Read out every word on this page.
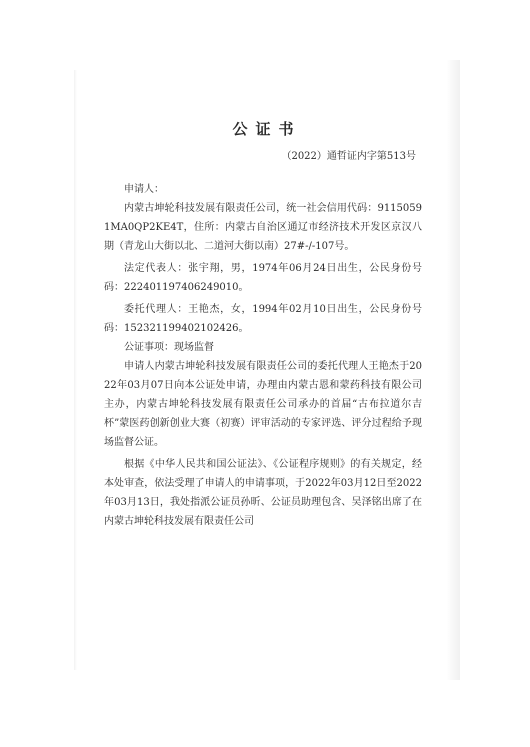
公证书
（2022）通哲证内字第513号

申请人：

内蒙古坤轮科技发展有限责任公司，统一社会信用代码：91150591MA0QP2KE4T，住所：内蒙古自治区通辽市经济技术开发区京汉八期（青龙山大街以北、二道河大街以南）27#-/-107号。

法定代表人：张宇翔，男，1974年06月24日出生，公民身份号码：222401197406249010。

委托代理人：王艳杰，女，1994年02月10日出生，公民身份号码：152321199402102426。

公证事项：现场监督

申请人内蒙古坤轮科技发展有限责任公司的委托代理人王艳杰于2022年03月07日向本公证处申请，办理由内蒙古恩和蒙药科技有限公司主办，内蒙古坤轮科技发展有限责任公司承办的首届“古布拉道尔吉杯”蒙医药创新创业大赛（初赛）评审活动的专家评选、评分过程给予现场监督公证。

根据《中华人民共和国公证法》、《公证程序规则》的有关规定，经本处审查，依法受理了申请人的申请事项，于2022年03月12日至2022年03月13日，我处指派公证员孙昕、公证员助理包含、吴泽铭出席了在内蒙古坤轮科技发展有限责任公司
